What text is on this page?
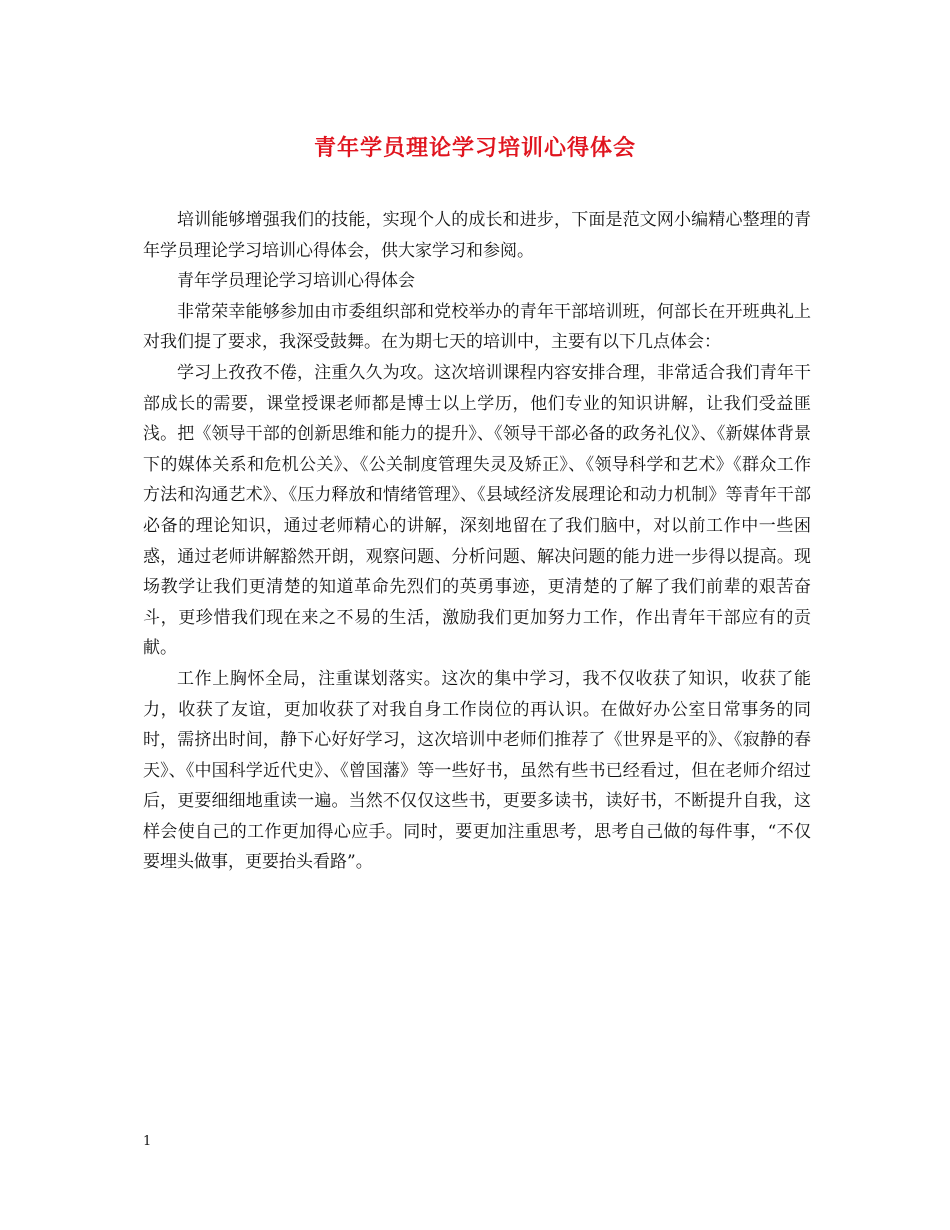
青年学员理论学习培训心得体会

培训能够增强我们的技能，实现个人的成长和进步，下面是范文网小编精心整理的青年学员理论学习培训心得体会，供大家学习和参阅。

青年学员理论学习培训心得体会

非常荣幸能够参加由市委组织部和党校举办的青年干部培训班，何部长在开班典礼上对我们提了要求，我深受鼓舞。在为期七天的培训中，主要有以下几点体会：

学习上孜孜不倦，注重久久为攻。这次培训课程内容安排合理，非常适合我们青年干部成长的需要，课堂授课老师都是博士以上学历，他们专业的知识讲解，让我们受益匪浅。把《领导干部的创新思维和能力的提升》、《领导干部必备的政务礼仪》、《新媒体背景下的媒体关系和危机公关》、《公关制度管理失灵及矫正》、《领导科学和艺术》《群众工作方法和沟通艺术》、《压力释放和情绪管理》、《县域经济发展理论和动力机制》等青年干部必备的理论知识，通过老师精心的讲解，深刻地留在了我们脑中，对以前工作中一些困惑，通过老师讲解豁然开朗，观察问题、分析问题、解决问题的能力进一步得以提高。现场教学让我们更清楚的知道革命先烈们的英勇事迹，更清楚的了解了我们前辈的艰苦奋斗，更珍惜我们现在来之不易的生活，激励我们更加努力工作，作出青年干部应有的贡献。

工作上胸怀全局，注重谋划落实。这次的集中学习，我不仅收获了知识，收获了能力，收获了友谊，更加收获了对我自身工作岗位的再认识。在做好办公室日常事务的同时，需挤出时间，静下心好好学习，这次培训中老师们推荐了《世界是平的》、《寂静的春天》、《中国科学近代史》、《曾国藩》等一些好书，虽然有些书已经看过，但在老师介绍过后，更要细细地重读一遍。当然不仅仅这些书，更要多读书，读好书，不断提升自我，这样会使自己的工作更加得心应手。同时，要更加注重思考，思考自己做的每件事，“不仅要埋头做事，更要抬头看路”。

1
